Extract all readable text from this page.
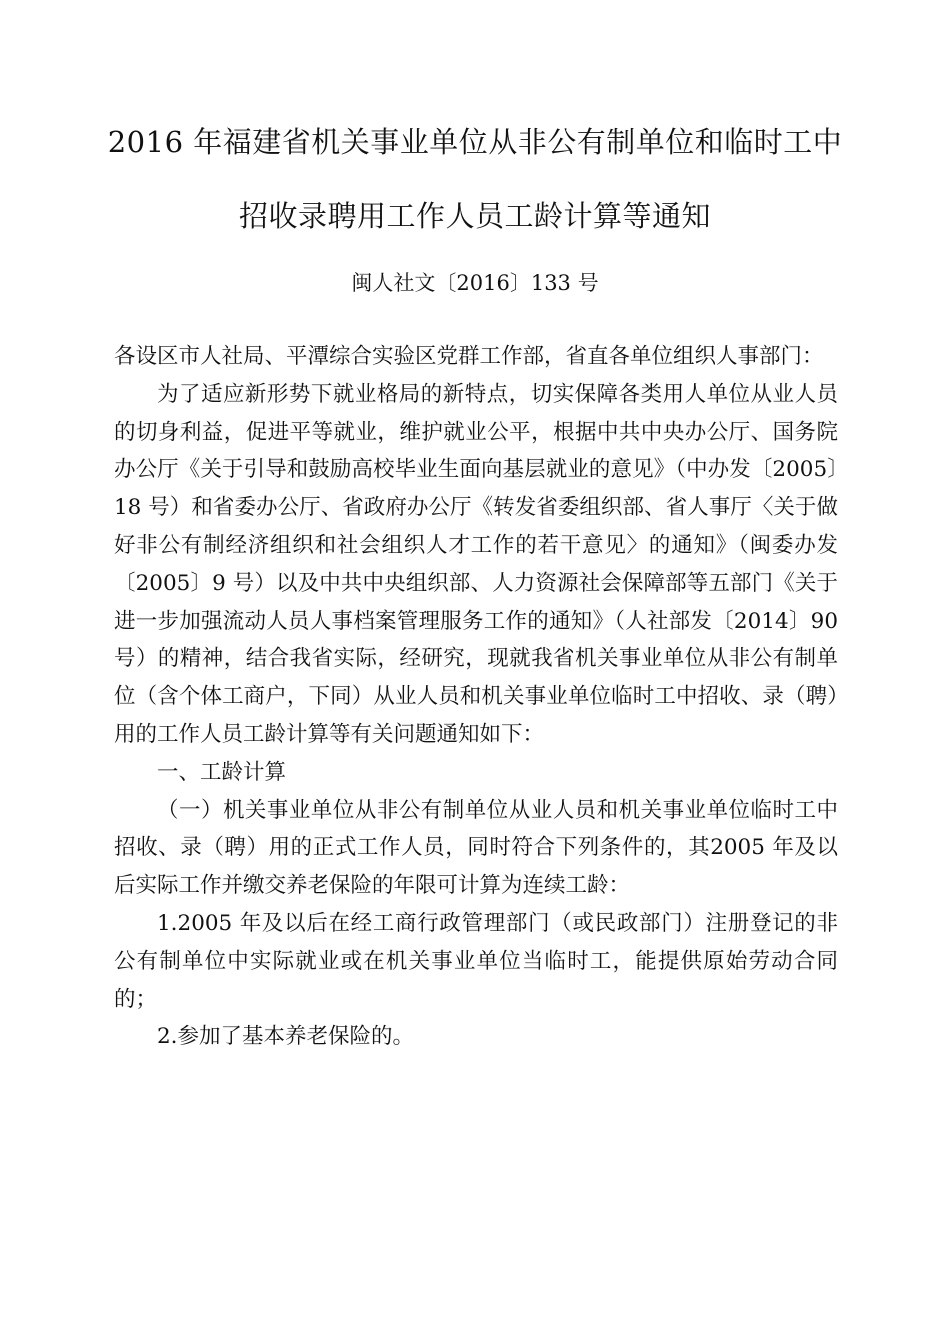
2016 年福建省机关事业单位从非公有制单位和临时工中
招收录聘用工作人员工龄计算等通知
闽人社文〔2016〕133 号

各设区市人社局、平潭综合实验区党群工作部，省直各单位组织人事部门：

为了适应新形势下就业格局的新特点，切实保障各类用人单位从业人员的切身利益，促进平等就业，维护就业公平，根据中共中央办公厅、国务院办公厅《关于引导和鼓励高校毕业生面向基层就业的意见》（中办发〔2005〕18 号）和省委办公厅、省政府办公厅《转发省委组织部、省人事厅〈关于做好非公有制经济组织和社会组织人才工作的若干意见〉的通知》（闽委办发〔2005〕9 号）以及中共中央组织部、人力资源社会保障部等五部门《关于进一步加强流动人员人事档案管理服务工作的通知》（人社部发〔2014〕90 号）的精神，结合我省实际，经研究，现就我省机关事业单位从非公有制单位（含个体工商户，下同）从业人员和机关事业单位临时工中招收、录（聘）用的工作人员工龄计算等有关问题通知如下：

一、工龄计算

（一）机关事业单位从非公有制单位从业人员和机关事业单位临时工中招收、录（聘）用的正式工作人员，同时符合下列条件的，其2005 年及以后实际工作并缴交养老保险的年限可计算为连续工龄：

1.2005 年及以后在经工商行政管理部门（或民政部门）注册登记的非公有制单位中实际就业或在机关事业单位当临时工，能提供原始劳动合同的；

2.参加了基本养老保险的。
